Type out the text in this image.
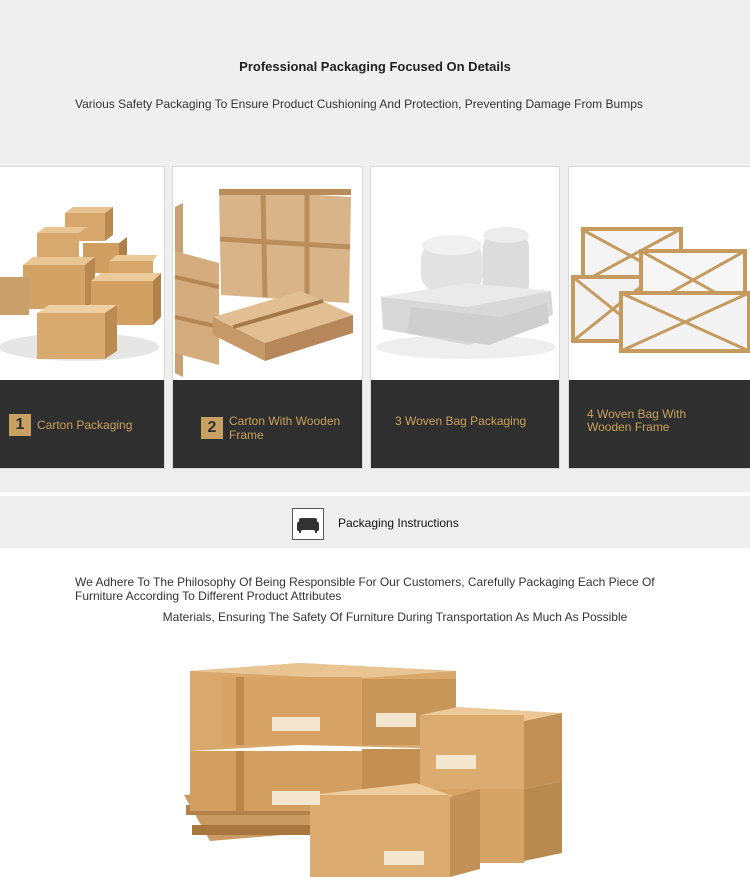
Professional Packaging Focused On Details
Various Safety Packaging To Ensure Product Cushioning And Protection, Preventing Damage From Bumps
1	Carton Packaging	2	Carton With Wooden Frame
3 Woven Bag Packaging	4 Woven Bag With Wooden Frame
Packaging Instructions
We Adhere To The Philosophy Of Being Responsible For Our Customers, Carefully Packaging Each Piece Of Furniture According To Different Product Attributes
Materials, Ensuring The Safety Of Furniture During Transportation As Much As Possible
